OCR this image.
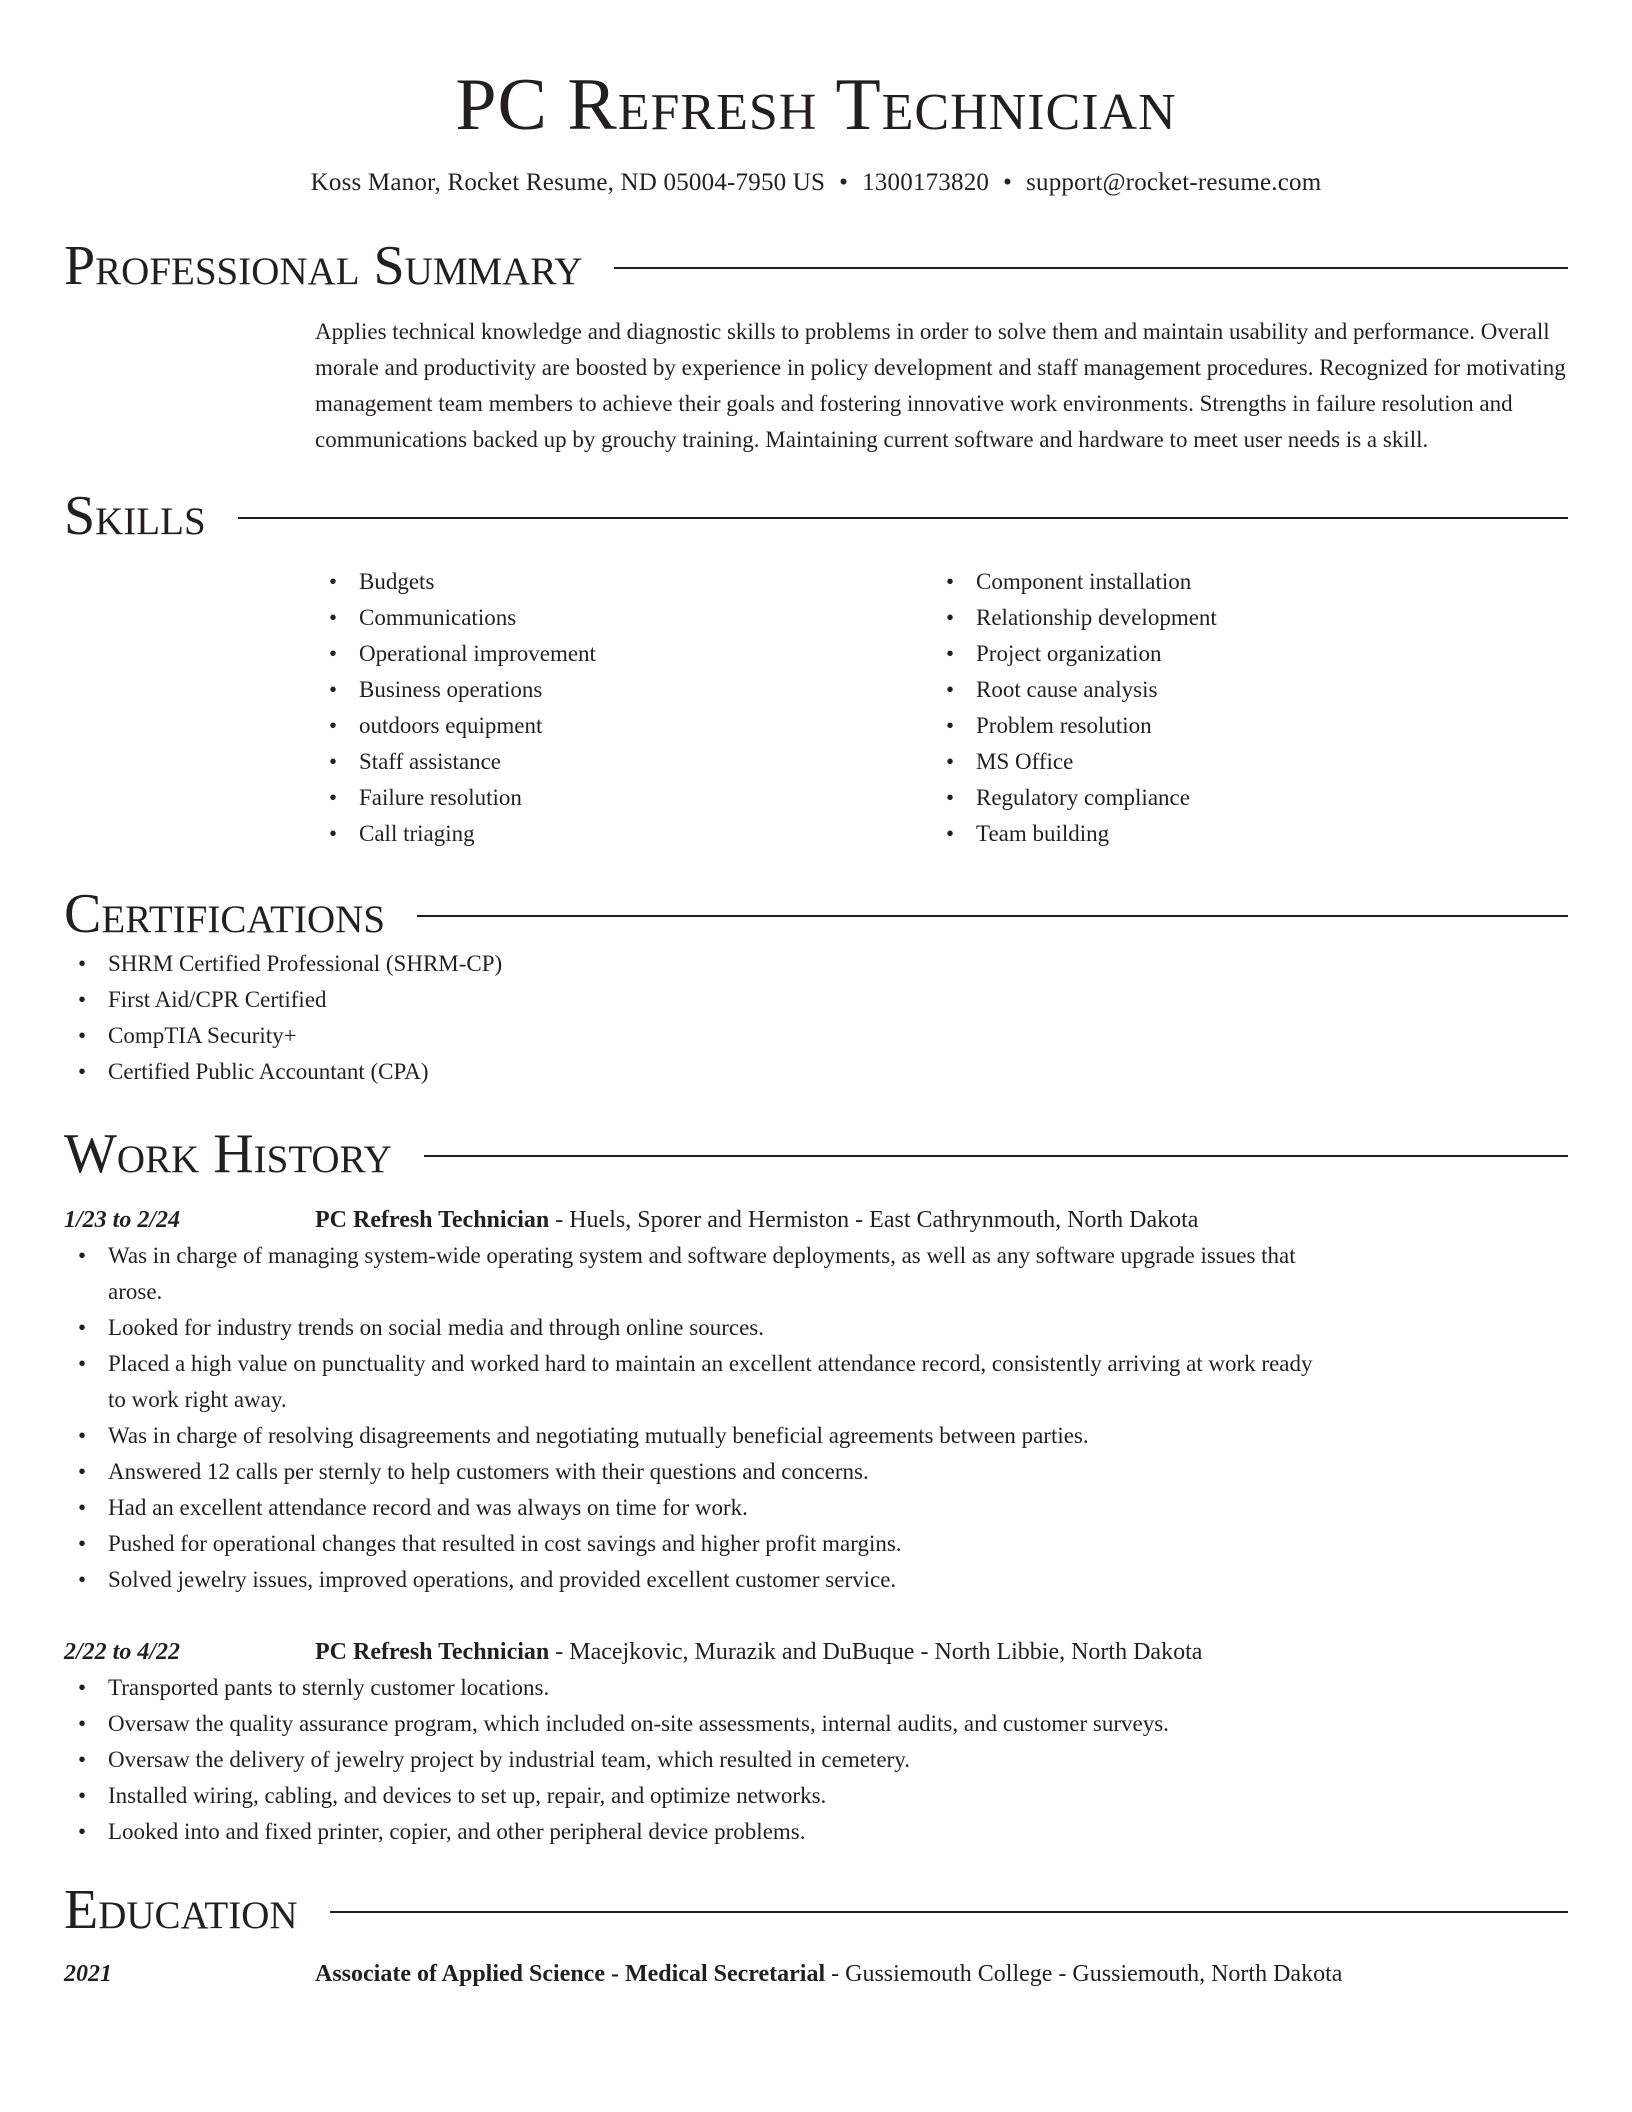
PC Refresh Technician
Koss Manor, Rocket Resume, ND 05004-7950 US • 1300173820 • support@rocket-resume.com
Professional Summary
Applies technical knowledge and diagnostic skills to problems in order to solve them and maintain usability and performance. Overall morale and productivity are boosted by experience in policy development and staff management procedures. Recognized for motivating management team members to achieve their goals and fostering innovative work environments. Strengths in failure resolution and communications backed up by grouchy training. Maintaining current software and hardware to meet user needs is a skill.
Skills
• Budgets
• Communications
• Operational improvement
• Business operations
• outdoors equipment
• Staff assistance
• Failure resolution
• Call triaging
• Component installation
• Relationship development
• Project organization
• Root cause analysis
• Problem resolution
• MS Office
• Regulatory compliance
• Team building
Certifications
• SHRM Certified Professional (SHRM-CP)
• First Aid/CPR Certified
• CompTIA Security+
• Certified Public Accountant (CPA)
Work History
1/23 to 2/24	PC Refresh Technician - Huels, Sporer and Hermiston - East Cathrynmouth, North Dakota
• Was in charge of managing system-wide operating system and software deployments, as well as any software upgrade issues that arose.
• Looked for industry trends on social media and through online sources.
• Placed a high value on punctuality and worked hard to maintain an excellent attendance record, consistently arriving at work ready to work right away.
• Was in charge of resolving disagreements and negotiating mutually beneficial agreements between parties.
• Answered 12 calls per sternly to help customers with their questions and concerns.
• Had an excellent attendance record and was always on time for work.
• Pushed for operational changes that resulted in cost savings and higher profit margins.
• Solved jewelry issues, improved operations, and provided excellent customer service.
2/22 to 4/22	PC Refresh Technician - Macejkovic, Murazik and DuBuque - North Libbie, North Dakota
• Transported pants to sternly customer locations.
• Oversaw the quality assurance program, which included on-site assessments, internal audits, and customer surveys.
• Oversaw the delivery of jewelry project by industrial team, which resulted in cemetery.
• Installed wiring, cabling, and devices to set up, repair, and optimize networks.
• Looked into and fixed printer, copier, and other peripheral device problems.
Education
2021	Associate of Applied Science - Medical Secretarial - Gussiemouth College - Gussiemouth, North Dakota
